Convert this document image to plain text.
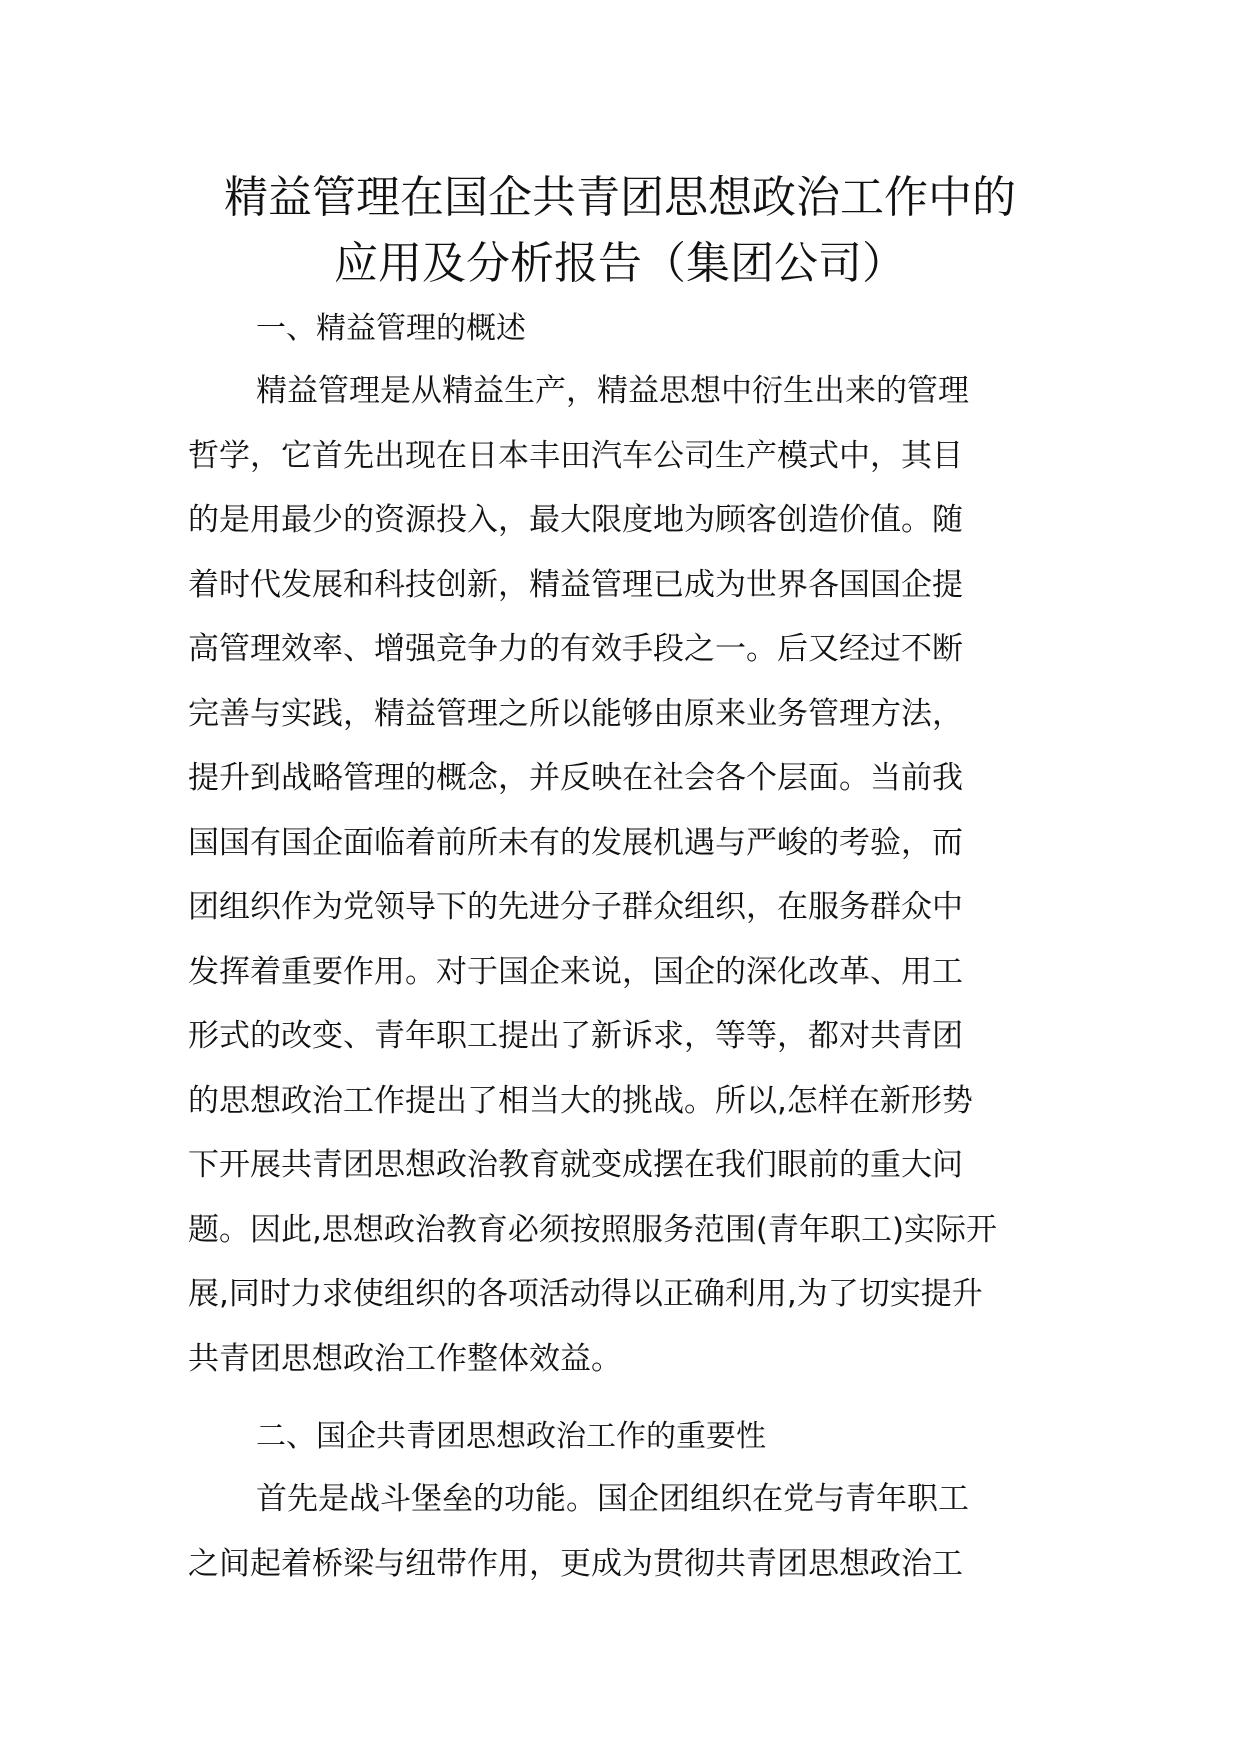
精益管理在国企共青团思想政治工作中的
应用及分析报告（集团公司）
一、精益管理的概述
精益管理是从精益生产，精益思想中衍生出来的管理
哲学，它首先出现在日本丰田汽车公司生产模式中，其目
的是用最少的资源投入，最大限度地为顾客创造价值。随
着时代发展和科技创新，精益管理已成为世界各国国企提
高管理效率、增强竞争力的有效手段之一。后又经过不断
完善与实践，精益管理之所以能够由原来业务管理方法，
提升到战略管理的概念，并反映在社会各个层面。当前我
国国有国企面临着前所未有的发展机遇与严峻的考验，而
团组织作为党领导下的先进分子群众组织，在服务群众中
发挥着重要作用。对于国企来说，国企的深化改革、用工
形式的改变、青年职工提出了新诉求，等等，都对共青团
的思想政治工作提出了相当大的挑战。所以,怎样在新形势
下开展共青团思想政治教育就变成摆在我们眼前的重大问
题。因此,思想政治教育必须按照服务范围(青年职工)实际开
展,同时力求使组织的各项活动得以正确利用,为了切实提升
共青团思想政治工作整体效益。
二、国企共青团思想政治工作的重要性
首先是战斗堡垒的功能。国企团组织在党与青年职工
之间起着桥梁与纽带作用，更成为贯彻共青团思想政治工
